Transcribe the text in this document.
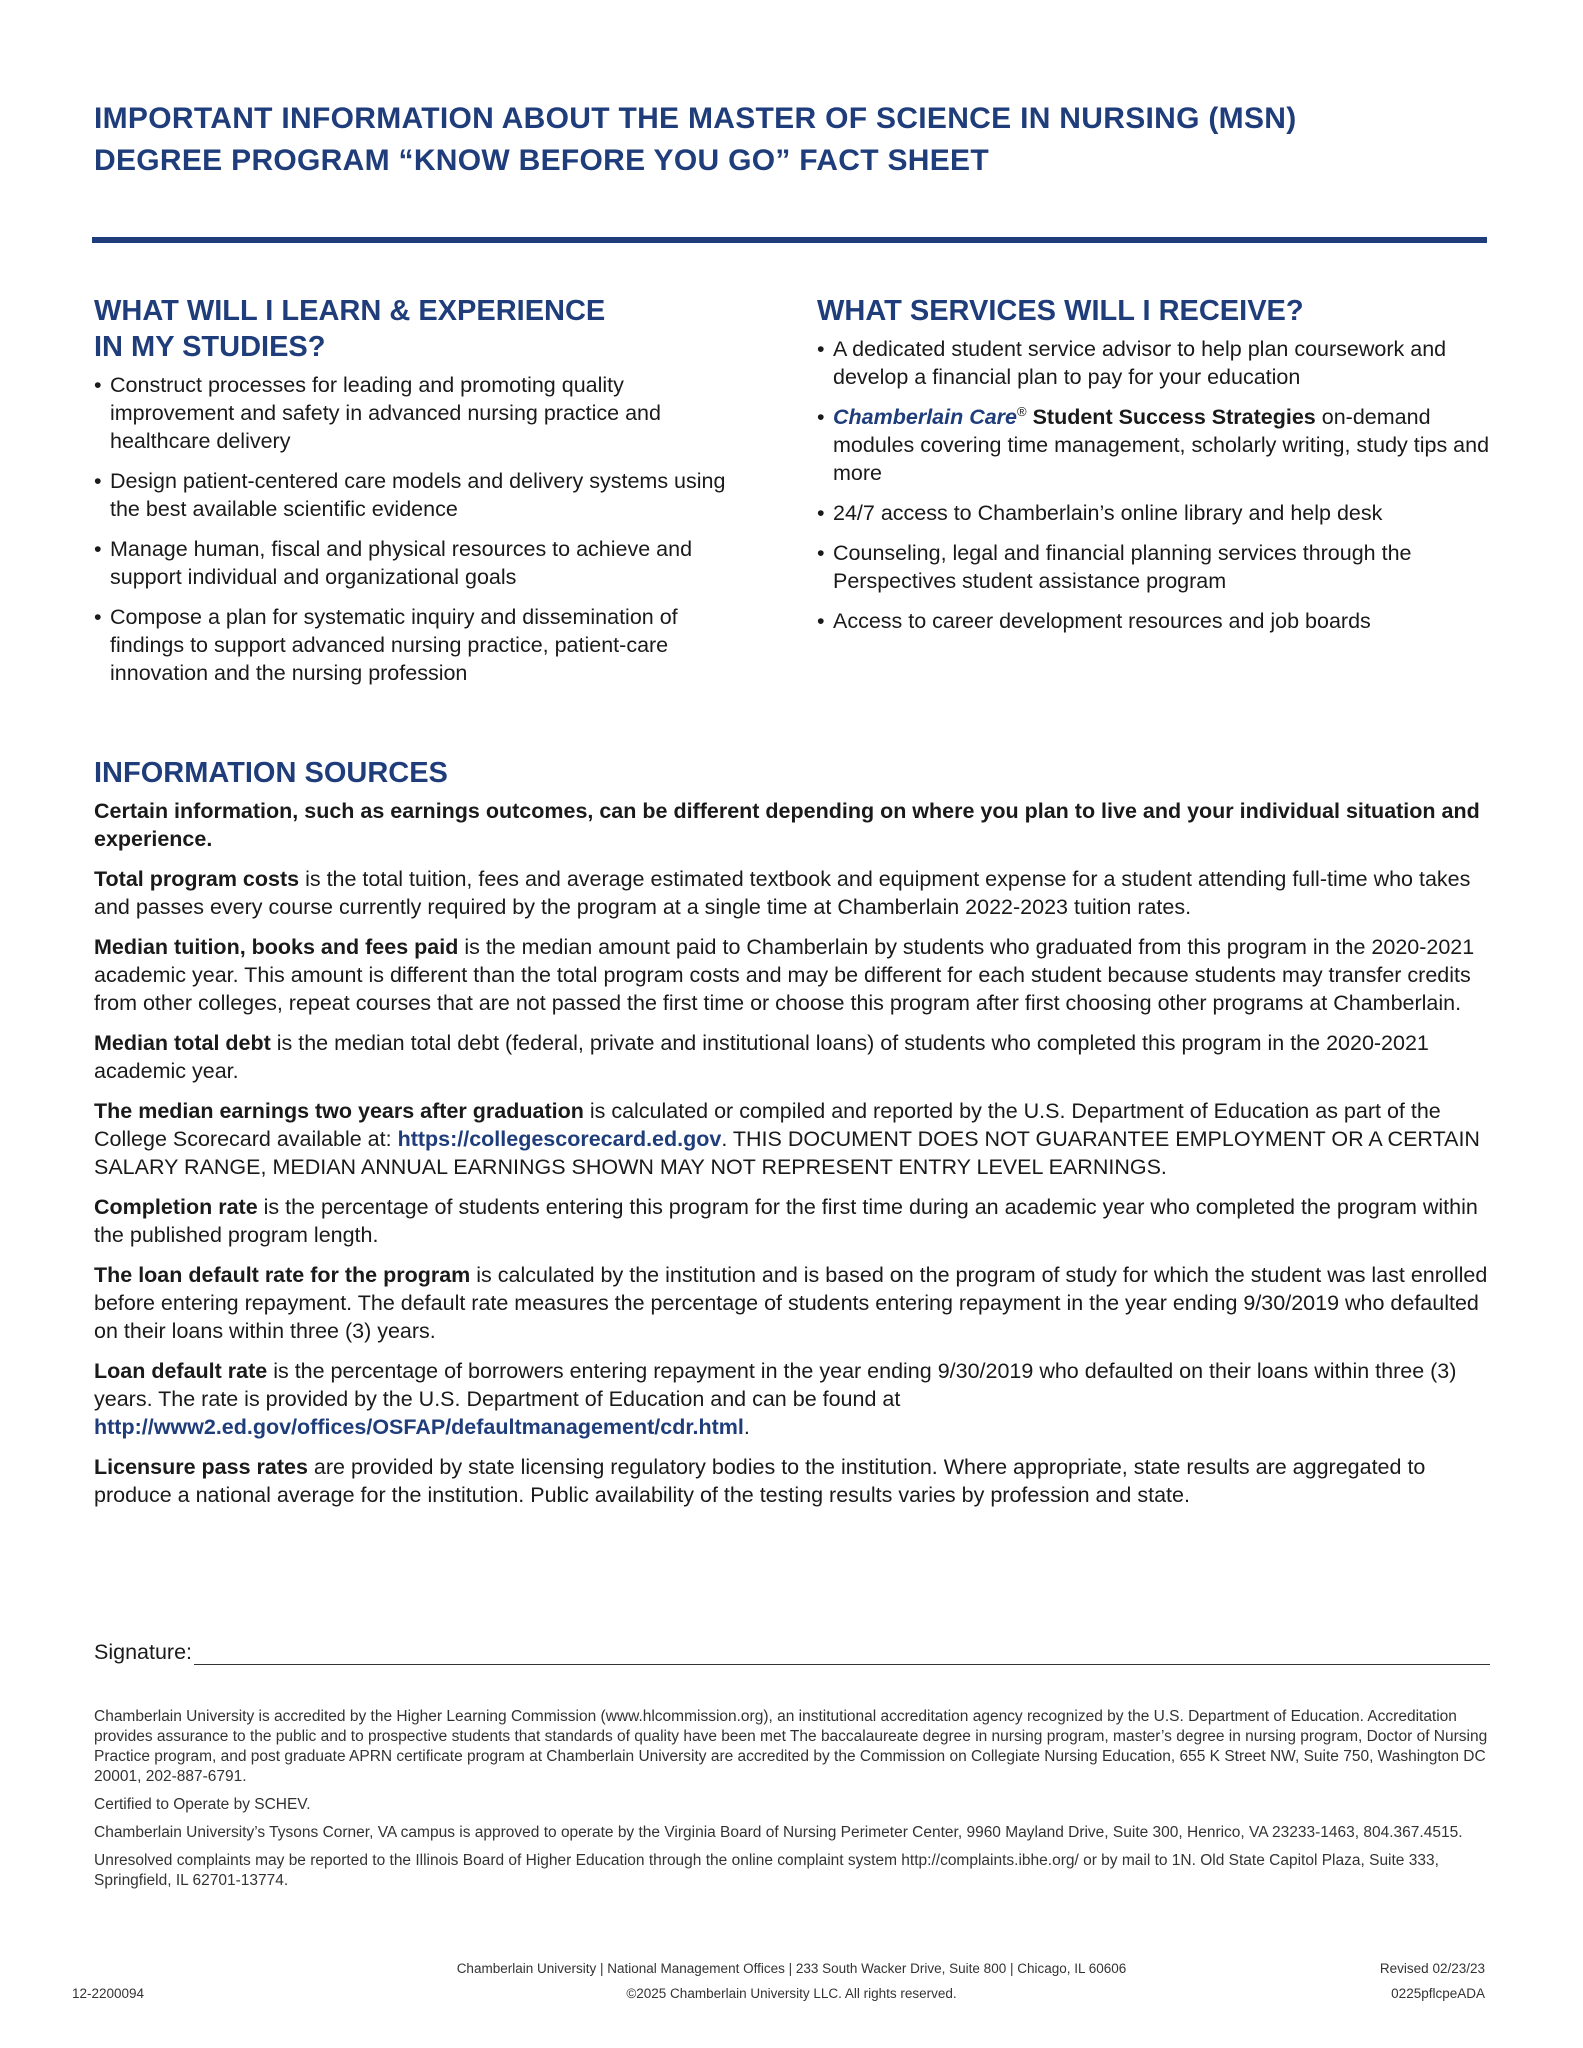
IMPORTANT INFORMATION ABOUT THE MASTER OF SCIENCE IN NURSING (MSN)
DEGREE PROGRAM “KNOW BEFORE YOU GO” FACT SHEET
WHAT WILL I LEARN & EXPERIENCE
IN MY STUDIES?
• Construct processes for leading and promoting quality improvement and safety in advanced nursing practice and healthcare delivery
• Design patient-centered care models and delivery systems using the best available scientific evidence
• Manage human, fiscal and physical resources to achieve and support individual and organizational goals
• Compose a plan for systematic inquiry and dissemination of findings to support advanced nursing practice, patient-care innovation and the nursing profession
WHAT SERVICES WILL I RECEIVE?
• A dedicated student service advisor to help plan coursework and develop a financial plan to pay for your education
• Chamberlain Care® Student Success Strategies on-demand modules covering time management, scholarly writing, study tips and more
• 24/7 access to Chamberlain’s online library and help desk
• Counseling, legal and financial planning services through the Perspectives student assistance program
• Access to career development resources and job boards
INFORMATION SOURCES

Certain information, such as earnings outcomes, can be different depending on where you plan to live and your individual situation and experience.

Total program costs is the total tuition, fees and average estimated textbook and equipment expense for a student attending full-time who takes and passes every course currently required by the program at a single time at Chamberlain 2022-2023 tuition rates.

Median tuition, books and fees paid is the median amount paid to Chamberlain by students who graduated from this program in the 2020-2021 academic year. This amount is different than the total program costs and may be different for each student because students may transfer credits from other colleges, repeat courses that are not passed the first time or choose this program after first choosing other programs at Chamberlain.

Median total debt is the median total debt (federal, private and institutional loans) of students who completed this program in the 2020-2021 academic year.

The median earnings two years after graduation is calculated or compiled and reported by the U.S. Department of Education as part of the College Scorecard available at: https://collegescorecard.ed.gov. THIS DOCUMENT DOES NOT GUARANTEE EMPLOYMENT OR A CERTAIN SALARY RANGE, MEDIAN ANNUAL EARNINGS SHOWN MAY NOT REPRESENT ENTRY LEVEL EARNINGS.

Completion rate is the percentage of students entering this program for the first time during an academic year who completed the program within the published program length.

The loan default rate for the program is calculated by the institution and is based on the program of study for which the student was last enrolled before entering repayment. The default rate measures the percentage of students entering repayment in the year ending 9/30/2019 who defaulted on their loans within three (3) years.

Loan default rate is the percentage of borrowers entering repayment in the year ending 9/30/2019 who defaulted on their loans within three (3) years. The rate is provided by the U.S. Department of Education and can be found at http://www2.ed.gov/offices/OSFAP/defaultmanagement/cdr.html.

Licensure pass rates are provided by state licensing regulatory bodies to the institution. Where appropriate, state results are aggregated to produce a national average for the institution. Public availability of the testing results varies by profession and state.

Signature:

Chamberlain University is accredited by the Higher Learning Commission (www.hlcommission.org), an institutional accreditation agency recognized by the U.S. Department of Education. Accreditation provides assurance to the public and to prospective students that standards of quality have been met The baccalaureate degree in nursing program, master’s degree in nursing program, Doctor of Nursing Practice program, and post graduate APRN certificate program at Chamberlain University are accredited by the Commission on Collegiate Nursing Education, 655 K Street NW, Suite 750, Washington DC 20001, 202-887-6791.

Certified to Operate by SCHEV.

Chamberlain University’s Tysons Corner, VA campus is approved to operate by the Virginia Board of Nursing Perimeter Center, 9960 Mayland Drive, Suite 300, Henrico, VA 23233-1463, 804.367.4515.

Unresolved complaints may be reported to the Illinois Board of Higher Education through the online complaint system http://complaints.ibhe.org/ or by mail to 1N. Old State Capitol Plaza, Suite 333, Springfield, IL 62701-13774.

Chamberlain University | National Management Offices | 233 South Wacker Drive, Suite 800 | Chicago, IL 60606
©2025 Chamberlain University LLC. All rights reserved.
12-2200094
Revised 02/23/23
0225pflcpeADA
